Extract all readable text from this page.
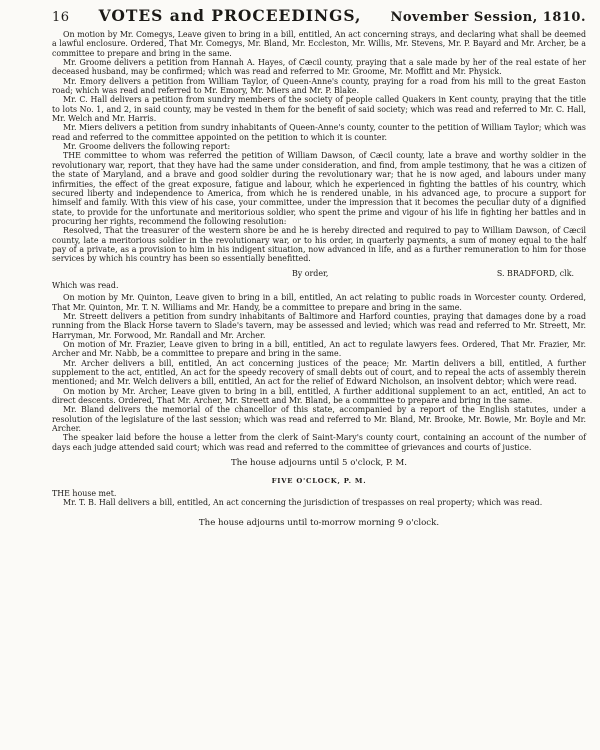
16 VOTES and PROCEEDINGS, November Session, 1810.

On motion by Mr. Comegys, Leave given to bring in a bill, entitled, An act concerning strays, and declaring what shall be deemed a lawful enclosure. Ordered, That Mr. Comegys, Mr. Bland, Mr. Eccleston, Mr. Willis, Mr. Stevens, Mr. P. Bayard and Mr. Archer, be a committee to prepare and bring in the same.

Mr. Groome delivers a petition from Hannah A. Hayes, of Cæcil county, praying that a sale made by her of the real estate of her deceased husband, may be confirmed; which was read and referred to Mr. Groome, Mr. Moffitt and Mr. Physick.

Mr. Emory delivers a petition from William Taylor, of Queen-Anne's county, praying for a road from his mill to the great Easton road; which was read and referred to Mr. Emory, Mr. Miers and Mr. P. Blake.

Mr. C. Hall delivers a petition from sundry members of the society of people called Quakers in Kent county, praying that the title to lots No. 1, and 2, in said county, may be vested in them for the benefit of said society; which was read and referred to Mr. C. Hall, Mr. Welch and Mr. Harris.

Mr. Miers delivers a petition from sundry inhabitants of Queen-Anne's county, counter to the petition of William Taylor; which was read and referred to the committee appointed on the petition to which it is counter.

Mr. Groome delivers the following report:

THE committee to whom was referred the petition of William Dawson, of Cæcil county, late a brave and worthy soldier in the revolutionary war, report, that they have had the same under consideration, and find, from ample testimony, that he was a citizen of the state of Maryland, and a brave and good soldier during the revolutionary war; that he is now aged, and labours under many infirmities, the effect of the great exposure, fatigue and labour, which he experienced in fighting the battles of his country, which secured liberty and independence to America, from which he is rendered unable, in his advanced age, to procure a support for himself and family. With this view of his case, your committee, under the impression that it becomes the peculiar duty of a dignified state, to provide for the unfortunate and meritorious soldier, who spent the prime and vigour of his life in fighting her battles and in procuring her rights, recommend the following resolution:

Resolved, That the treasurer of the western shore be and he is hereby directed and required to pay to William Dawson, of Cæcil county, late a meritorious soldier in the revolutionary war, or to his order, in quarterly payments, a sum of money equal to the half pay of a private, as a provision to him in his indigent situation, now advanced in life, and as a further remuneration to him for those services by which his country has been so essentially benefitted.

By order,	S. BRADFORD, clk.

Which was read.

On motion by Mr. Quinton, Leave given to bring in a bill, entitled, An act relating to public roads in Worcester county. Ordered, That Mr. Quinton, Mr. T. N. Williams and Mr. Handy, be a committee to prepare and bring in the same.

Mr. Streett delivers a petition from sundry inhabitants of Baltimore and Harford counties, praying that damages done by a road running from the Black Horse tavern to Slade's tavern, may be assessed and levied; which was read and referred to Mr. Streett, Mr. Harryman, Mr. Forwood, Mr. Randall and Mr. Archer.

On motion of Mr. Frazier, Leave given to bring in a bill, entitled, An act to regulate lawyers fees. Ordered, That Mr. Frazier, Mr. Archer and Mr. Nabb, be a committee to prepare and bring in the same.

Mr. Archer delivers a bill, entitled, An act concerning justices of the peace; Mr. Martin delivers a bill, entitled, A further supplement to the act, entitled, An act for the speedy recovery of small debts out of court, and to repeal the acts of assembly therein mentioned; and Mr. Welch delivers a bill, entitled, An act for the relief of Edward Nicholson, an insolvent debtor; which were read.

On motion by Mr. Archer, Leave given to bring in a bill, entitled, A further additional supplement to an act, entitled, An act to direct descents. Ordered, That Mr. Archer, Mr. Streett and Mr. Bland, be a committee to prepare and bring in the same.

Mr. Bland delivers the memorial of the chancellor of this state, accompanied by a report of the English statutes, under a resolution of the legislature of the last session; which was read and referred to Mr. Bland, Mr. Brooke, Mr. Bowie, Mr. Boyle and Mr. Archer.

The speaker laid before the house a letter from the clerk of Saint-Mary's county court, containing an account of the number of days each judge attended said court; which was read and referred to the committee of grievances and courts of justice.

The house adjourns until 5 o'clock, P. M.
FIVE O'CLOCK, P. M.

THE house met.

Mr. T. B. Hall delivers a bill, entitled, An act concerning the jurisdiction of trespasses on real property; which was read.

The house adjourns until to-morrow morning 9 o'clock.
